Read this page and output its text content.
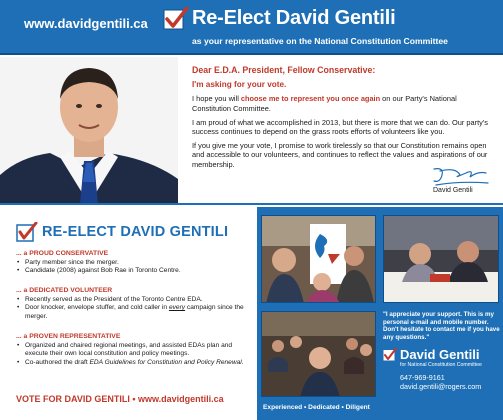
www.davidgentili.ca Re-Elect David Gentili
as your representative on the National Constitution Committee
Dear E.D.A. President, Fellow Conservative:
I'm asking for your vote.

I hope you will choose me to represent you once again on our Party's National Constitution Committee.

I am proud of what we accomplished in 2013, but there is more that we can do. Our party's success continues to depend on the grass roots efforts of volunteers like you.

If you give me your vote, I promise to work tirelessly so that our Constitution remains open and accessible to our volunteers, and continues to reflect the values and aspirations of our membership.

David Gentili
RE-ELECT DAVID GENTILI
... a PROUD CONSERVATIVE
• Party member since the merger.
• Candidate (2008) against Bob Rae in Toronto Centre.
... a DEDICATED VOLUNTEER
• Recently served as the President of the Toronto Centre EDA.
• Door knocker, envelope stuffer, and cold caller in every campaign since the merger.
... a PROVEN REPRESENTATIVE
• Organized and chaired regional meetings, and assisted EDAs plan and execute their own local constitution and policy meetings.
• Co-authored the draft EDA Guidelines for Constitution and Policy Renewal.
VOTE FOR DAVID GENTILI • www.davidgentili.ca
"I appreciate your support. This is my personal e-mail and mobile number. Don't hesitate to contact me if you have any questions."
David Gentili
for National Constitution Committee
647-969-9161
david.gentili@rogers.com
Experienced • Dedicated • Diligent
